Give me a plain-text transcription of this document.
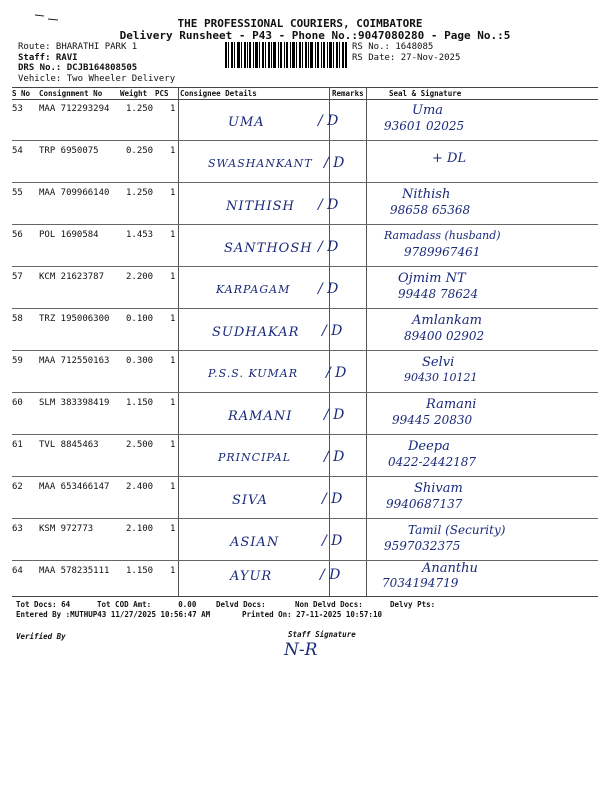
THE PROFESSIONAL COURIERS, COIMBATORE
Delivery Runsheet - P43 - Phone No.:9047080280 - Page No.:5
Route: BHARATHI PARK 1
Staff: RAVI
DRS No.: DCJB164808505
Vehicle: Two Wheeler Delivery
RS No.: 1648085
RS Date: 27-Nov-2025
S No Consignment No Weight PCS Consignee Details	Remarks	Seal & Signature
53 MAA 712293294 1.250 1
UMA	/ D
Uma
93601 02025
54 TRP 6950075	0.250 1
SWASHANKANT / D	+ DL
55 MAA 709966140 1.250 1
NITHISH / D
Nithish
98658 65368
56 POL 1690584	1.453 1
SANTHOSH / D
Ramadass (husband)
9789967461
57 KCM 21623787 2.200 1
KARPAGAM / D
Ojmim NT
99448 78624
58 TRZ 195006300 0.100 1
SUDHAKAR / D
Amlankam
89400 02902
59 MAA 712550163 0.300 1
P.S.S. KUMAR / D
Selvi
90430 10121
60 SLM 383398419 1.150 1
RAMANI / D
Ramani
99445 20830
61 TVL 8845463	2.500 1
PRINCIPAL / D
Deepa
0422-2442187
62 MAA 653466147 2.400 1
SIVA	/ D
Shivam
9940687137
63 KSM 972773	2.100 1
ASIAN	/ D
Tamil (Security)
9597032375
64 MAA 578235111 1.150 1	AYUR	/ D	Ananthu
7034194719
Tot Docs: 64	Tot COD Amt:      0.00	Delvd Docs:	Non Delvd Docs:	Delvy Pts:
Entered By :MUTHUP43 11/27/2025 10:56:47 AM	Printed On: 27-11-2025 10:57:10
Verified By	Staff Signature
N-R
